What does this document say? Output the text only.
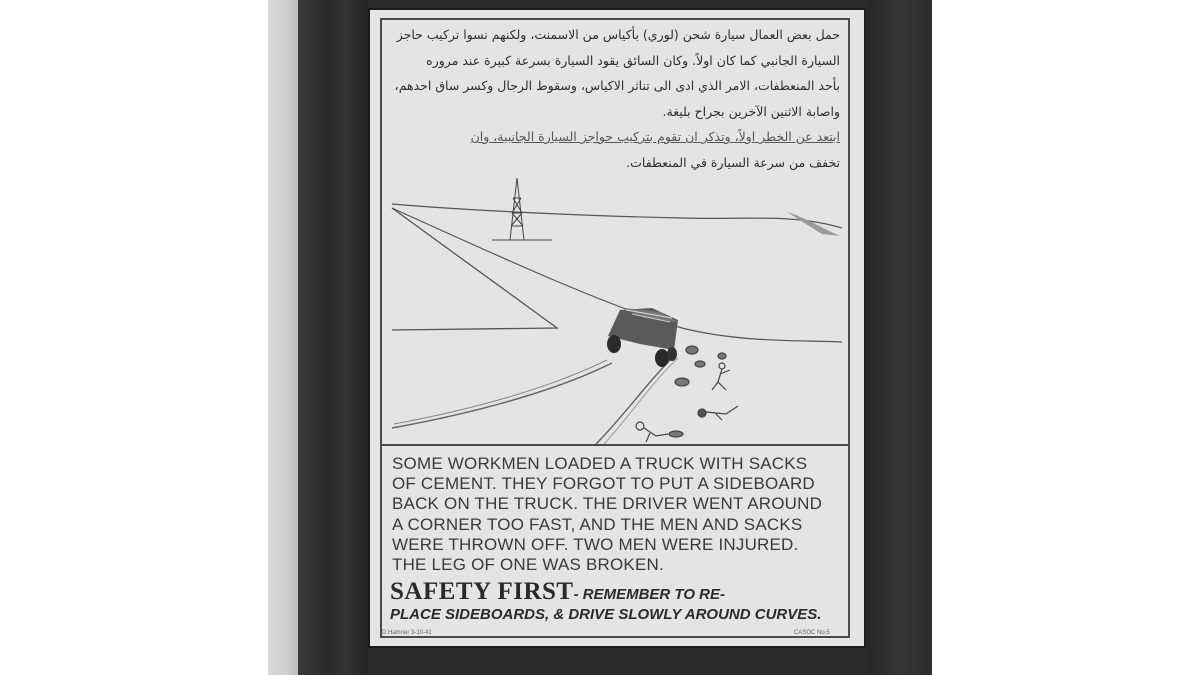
حمل بعض العمال سيارة شحن (لوري) بأكياس من الاسمنت، ولكنهم نسوا تركيب حاجز

السيارة الجانبي كما كان اولاً. وكان السائق يقود السيارة بسرعة كبيرة عند مروره

بأحد المنعطفات، الامر الذي ادى الى تناثر الاكياس، وسقوط الرجال وكسر ساق احدهم،

واصابة الاثنين الآخرين بجراح بليغة.

ابتعد عن الخطر اولاً، وتذكر ان تقوم بتركيب حواجز السيارة الجانبية، وان

تخفف من سرعة السيارة في المنعطفات.

SOME WORKMEN LOADED A TRUCK WITH SACKS

OF CEMENT. THEY FORGOT TO PUT A SIDEBOARD

BACK ON THE TRUCK. THE DRIVER WENT AROUND

A CORNER TOO FAST, AND THE MEN AND SACKS

WERE THROWN OFF. TWO MEN WERE INJURED.

THE LEG OF ONE WAS BROKEN.

SAFETY FIRST- REMEMBER TO RE-
PLACE SIDEBOARDS, & DRIVE SLOWLY AROUND CURVES.
D.Hamner 3-10-41	CASOC No.5
